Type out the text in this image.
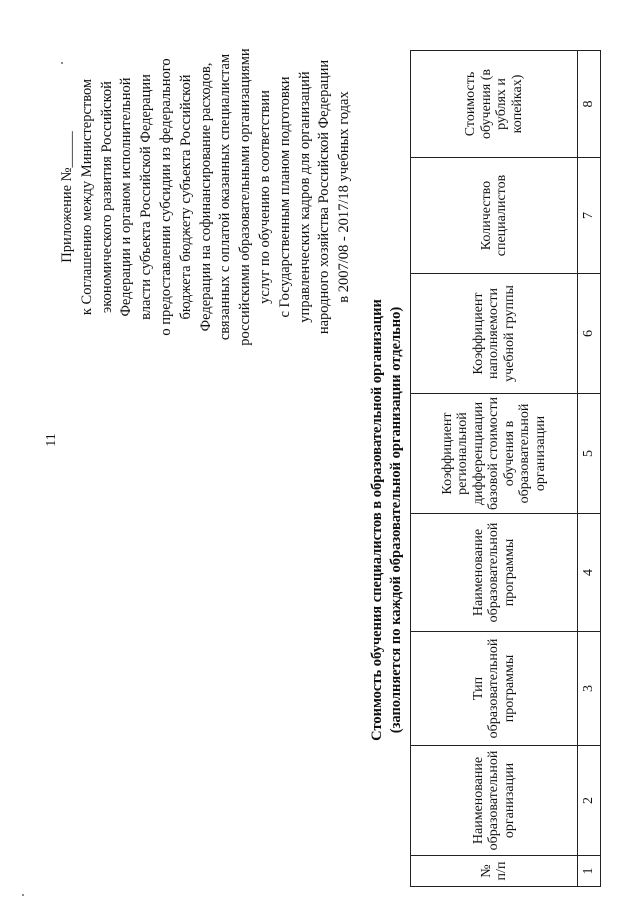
11
Приложение №_____ к Соглашению между Министерством экономического развития Российской Федерации и органом исполнительной власти субъекта Российской Федерации о предоставлении субсидии из федерального бюджета бюджету субъекта Российской Федерации на софинансирование расходов, связанных с оплатой оказанных специалистам российскими образовательными организациями услуг по обучению в соответствии с Государственным планом подготовки управленческих кадров для организаций народного хозяйства Российской Федерации в 2007/08 - 2017/18 учебных годах
Стоимость обучения специалистов в образовательной организации (заполняется по каждой образовательной организации отдельно)
№ п/п	Наименование образовательной организации	Тип образовательной программы	Наименование образовательной программы	Коэффициент региональной дифференциации базовой стоимости обучения в образовательной организации	Коэффициент наполняемости учебной группы	Количество специалистов	Стоимость обучения (в рублях и копейках)
1	2	3	4	5	6	7	8
